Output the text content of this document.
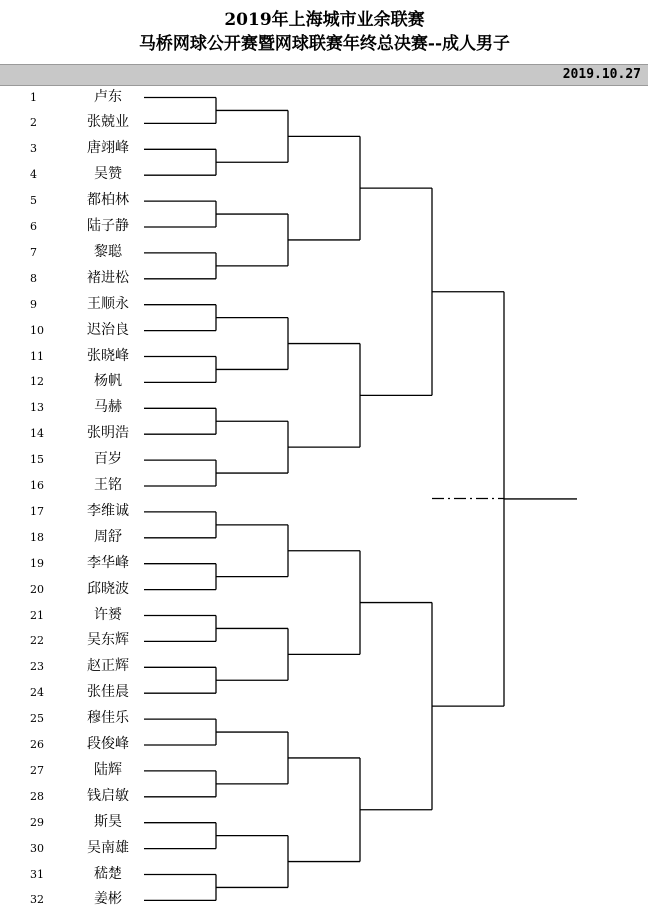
2019年上海城市业余联赛
马桥网球公开赛暨网球联赛年终总决赛--成人男子
2019.10.27
1	卢东
2	张兢业
3	唐翊峰
4	吴赞
5	都柏林
6	陆子静
7	黎聪
8	褚进松
9	王顺永
10	迟治良
11	张晓峰
12	杨帆
13	马赫
14	张明浩
15	百岁
16	王铭
17	李维诚
18	周舒
19	李华峰
20	邱晓波
21	许赟
22	吴东辉
23	赵正辉
24	张佳晨
25	穆佳乐
26	段俊峰
27	陆辉
28	钱启敏
29	斯昊
30	吴南雄
31	嵇楚
32	姜彬
